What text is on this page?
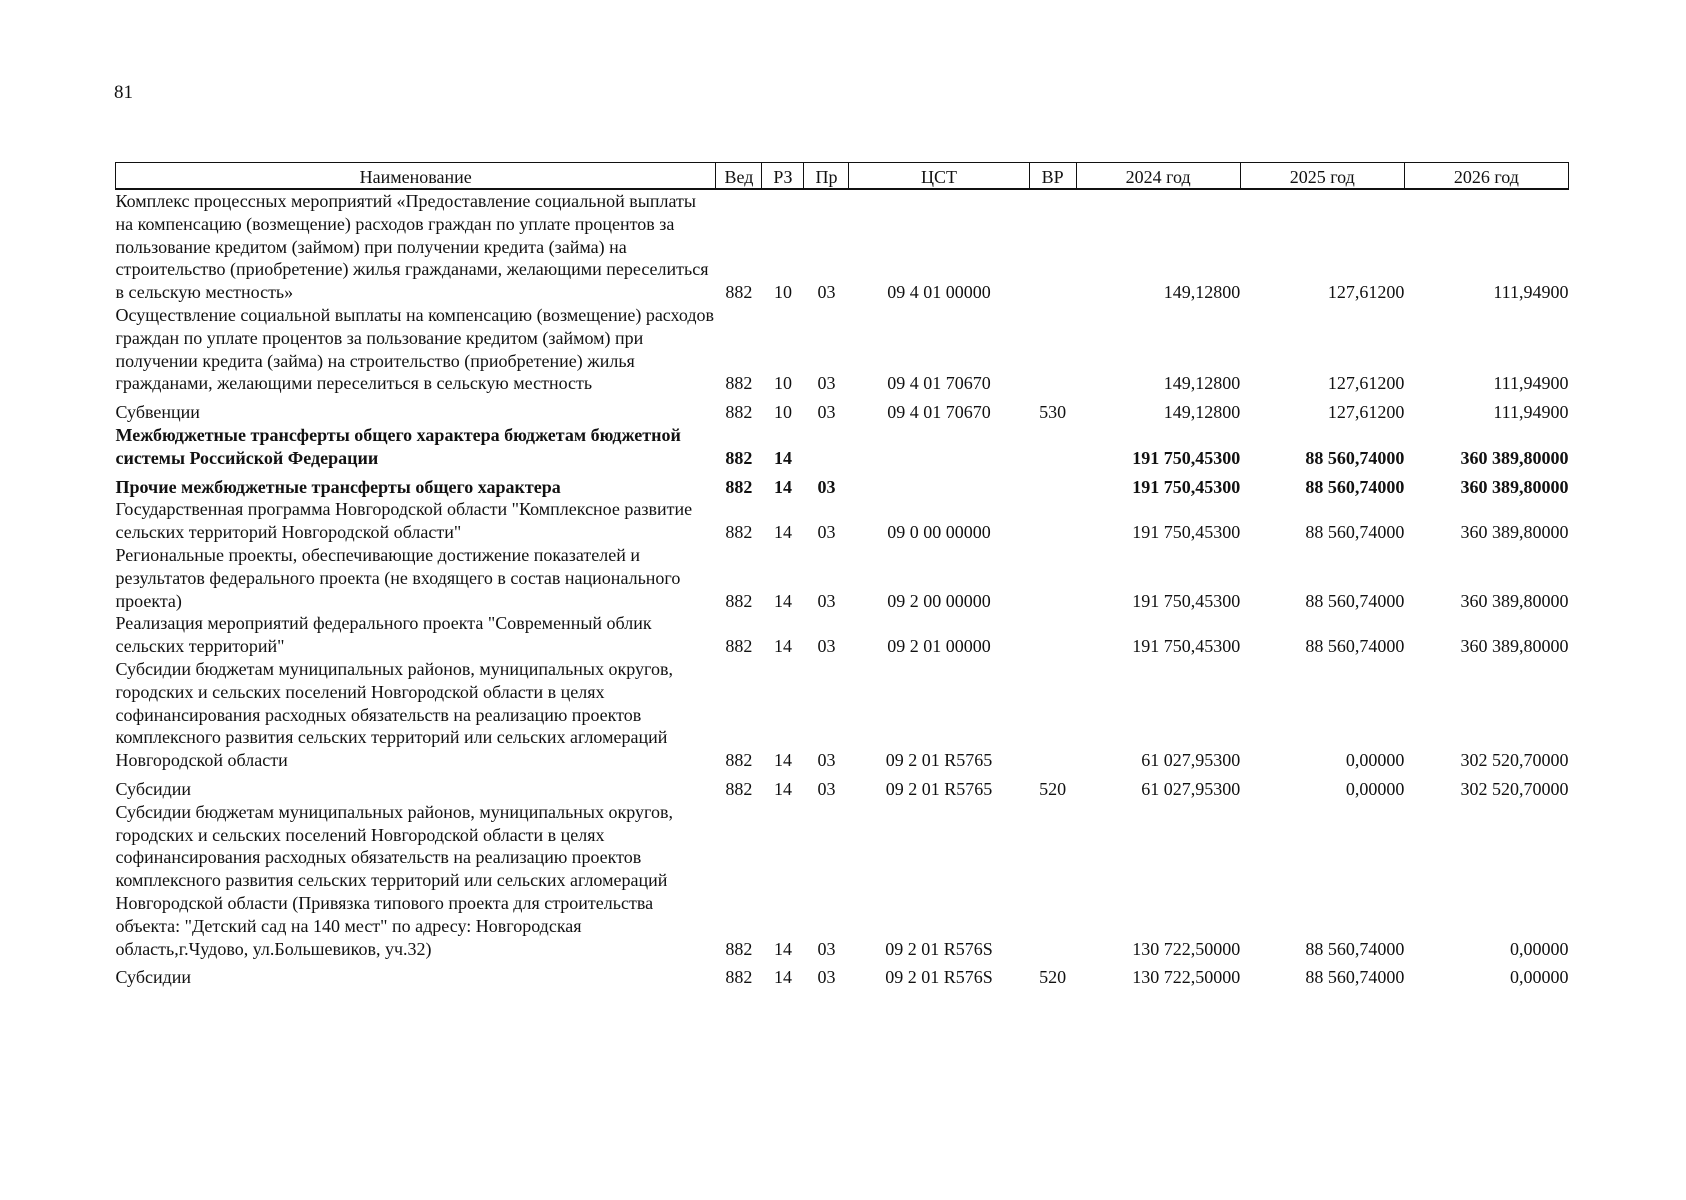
81
Наименование	Вед	РЗ	Пр	ЦСТ	ВР	2024 год	2025 год	2026 год
Комплекс процессных мероприятий «Предоставление социальной выплаты на компенсацию (возмещение) расходов граждан по уплате процентов за пользование кредитом (займом) при получении кредита (займа) на строительство (приобретение) жилья гражданами, желающими переселиться в сельскую местность»	882	10	03	09 4 01 00000		149,12800	127,61200	111,94900
Осуществление социальной выплаты на компенсацию (возмещение) расходов граждан по уплате процентов за пользование кредитом (займом) при получении кредита (займа) на строительство (приобретение) жилья гражданами, желающими переселиться в сельскую местность	882	10	03	09 4 01 70670		149,12800	127,61200	111,94900
Субвенции	882	10	03	09 4 01 70670	530	149,12800	127,61200	111,94900
Межбюджетные трансферты общего характера бюджетам бюджетной системы Российской Федерации	882	14				191 750,45300	88 560,74000	360 389,80000
Прочие межбюджетные трансферты общего характера	882	14	03			191 750,45300	88 560,74000	360 389,80000
Государственная программа Новгородской области "Комплексное развитие сельских территорий Новгородской области"	882	14	03	09 0 00 00000		191 750,45300	88 560,74000	360 389,80000
Региональные проекты, обеспечивающие достижение показателей и результатов федерального проекта (не входящего в состав национального проекта)	882	14	03	09 2 00 00000		191 750,45300	88 560,74000	360 389,80000
Реализация мероприятий федерального проекта "Современный облик сельских территорий"	882	14	03	09 2 01 00000		191 750,45300	88 560,74000	360 389,80000
Субсидии бюджетам муниципальных районов, муниципальных округов, городских и сельских поселений Новгородской области в целях софинансирования расходных обязательств на реализацию проектов комплексного развития сельских территорий или сельских агломераций Новгородской области	882	14	03	09 2 01 R5765		61 027,95300	0,00000	302 520,70000
Субсидии	882	14	03	09 2 01 R5765	520	61 027,95300	0,00000	302 520,70000
Субсидии бюджетам муниципальных районов, муниципальных округов, городских и сельских поселений Новгородской области в целях софинансирования расходных обязательств на реализацию проектов комплексного развития сельских территорий или сельских агломераций Новгородской области (Привязка типового проекта для строительства объекта: "Детский сад на 140 мест" по адресу: Новгородская область,г.Чудово, ул.Большевиков, уч.32)	882	14	03	09 2 01 R576S		130 722,50000	88 560,74000	0,00000
Субсидии	882	14	03	09 2 01 R576S	520	130 722,50000	88 560,74000	0,00000
